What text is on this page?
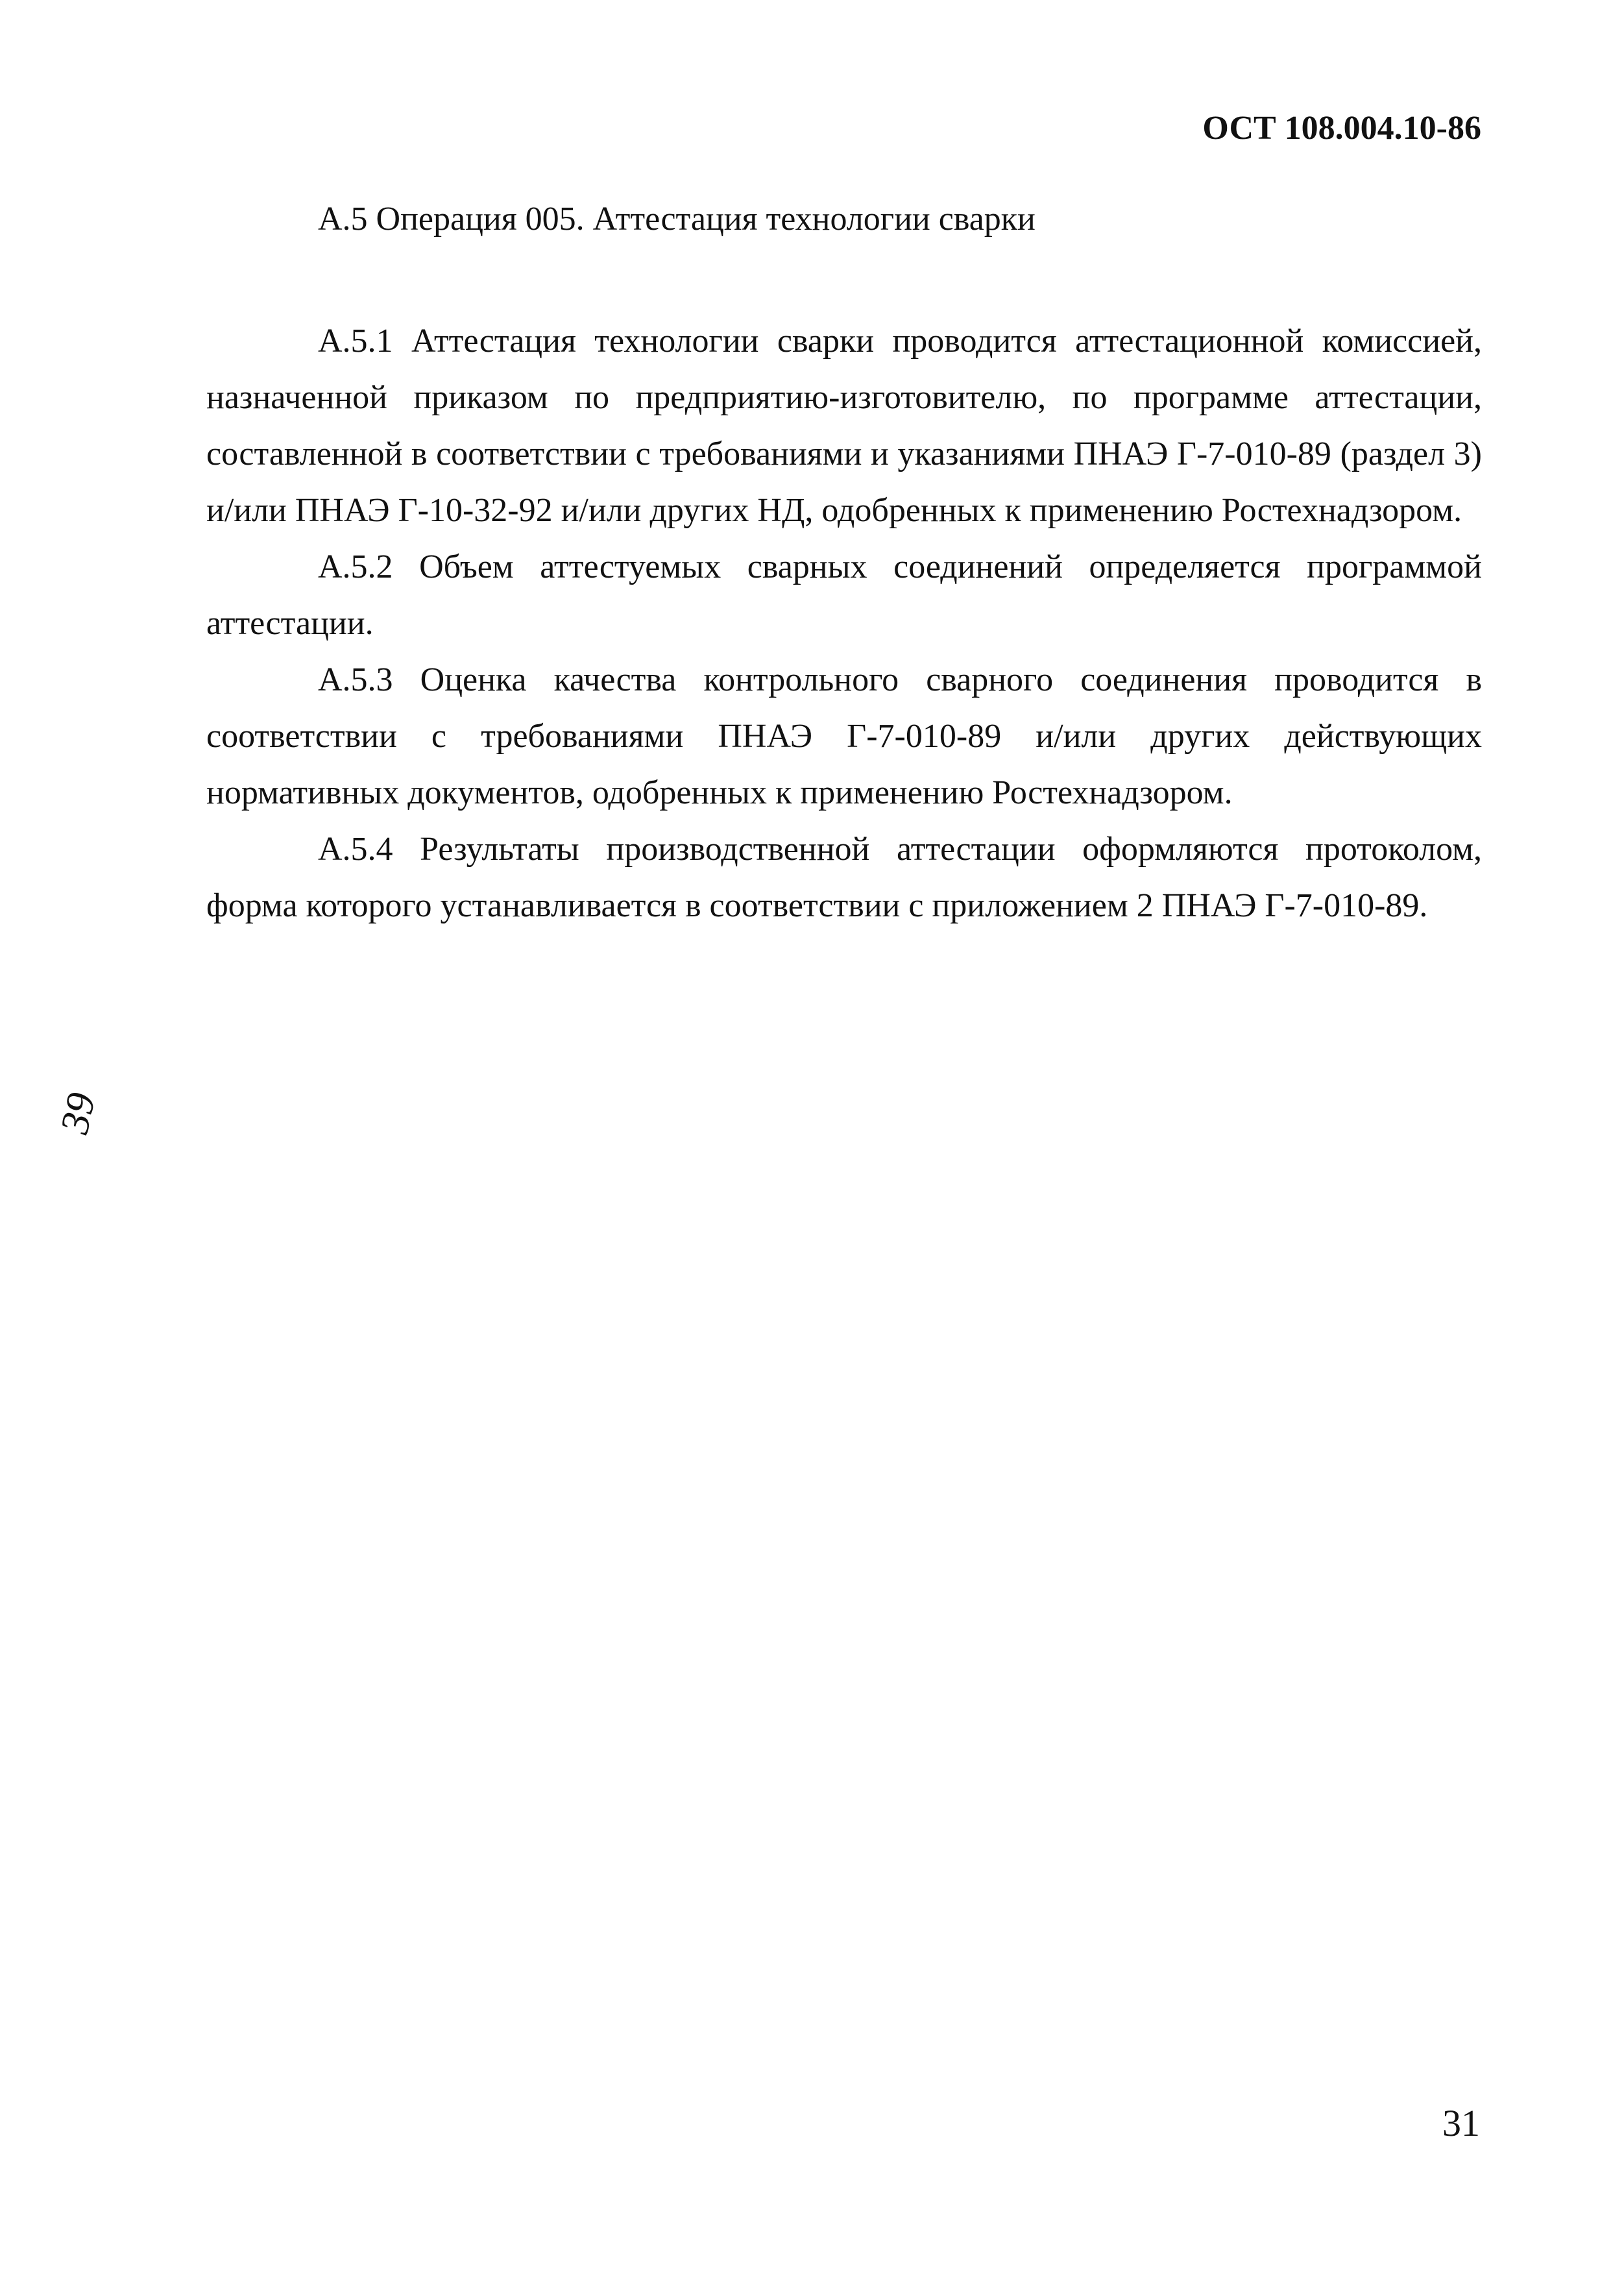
ОСТ 108.004.10-86
А.5 Операция 005. Аттестация технологии сварки

А.5.1 Аттестация технологии сварки проводится аттестационной комиссией, назначенной приказом по предприятию-изготовителю, по программе аттестации, составленной в соответствии с требованиями и указаниями ПНАЭ Г-7-010-89 (раздел 3) и/или ПНАЭ Г-10-32-92 и/или других НД, одобренных к применению Ростехнадзором.

А.5.2 Объем аттестуемых сварных соединений определяется программой аттестации.

А.5.3 Оценка качества контрольного сварного соединения проводится в соответствии с требованиями ПНАЭ Г-7-010-89 и/или других действующих нормативных документов, одобренных к применению Ростехнадзором.

А.5.4 Результаты производственной аттестации оформляются протоколом, форма которого устанавливается в соответствии с приложением 2 ПНАЭ Г-7-010-89.

39
31
